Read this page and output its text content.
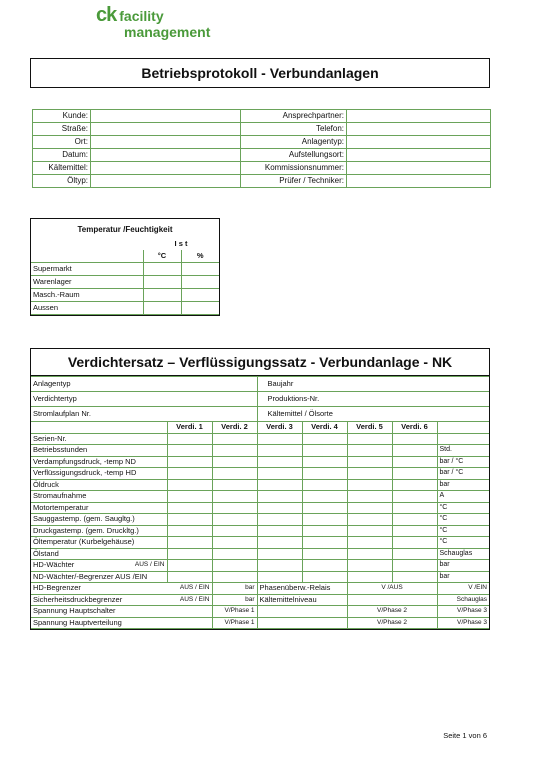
ck facility
management
Betriebsprotokoll - Verbundanlagen
Kunde:		Ansprechpartner:	
Straße:		Telefon:	
Ort:		Anlagentyp:	
Datum:		Aufstellungsort:	
Kältemittel:		Kommissionsnummer:	
Öltyp:		Prüfer / Techniker:	
Temperatur /Feuchtigkeit
	I s t	
	°C	%
Supermarkt		
Warenlager		
Masch.-Raum		
Aussen		
Verdichtersatz – Verflüssigungssatz - Verbundanlage - NK
Anlagentyp			Baujahr				
Verdichtertyp			Produktions-Nr.				
Stromlaufplan Nr.			Kältemittel / Ölsorte				
	Verdi. 1	Verdi. 2	Verdi. 3	Verdi. 4	Verdi. 5	Verdi. 6	
Serien-Nr.							
Betriebsstunden							Std.
Verdampfungsdruck, -temp ND							bar / °C
Verflüssigungsdruck, -temp HD							bar / °C
Öldruck							bar
Stromaufnahme							A
Motortemperatur							°C
Sauggastemp. (gem. Saugltg.)							°C
Druckgastemp. (gem. Druckltg.)							°C
Öltemperatur (Kurbelgehäuse)							°C
Ölstand							Schauglas
HD-Wächter AUS / EIN							bar
ND-Wächter/-Begrenzer AUS /EIN							bar
HD-Begrenzer AUS / EIN		bar	Phasenüberw.-Relais		V /AUS		V /EIN
Sicherheitsdruckbegrenzer AUS / EIN		bar	Kältemittelniveau				Schauglas
Spannung Hauptschalter		V/Phase 1			V/Phase 2		V/Phase 3
Spannung Hauptverteilung		V/Phase 1			V/Phase 2		V/Phase 3
Seite 1 von 6
